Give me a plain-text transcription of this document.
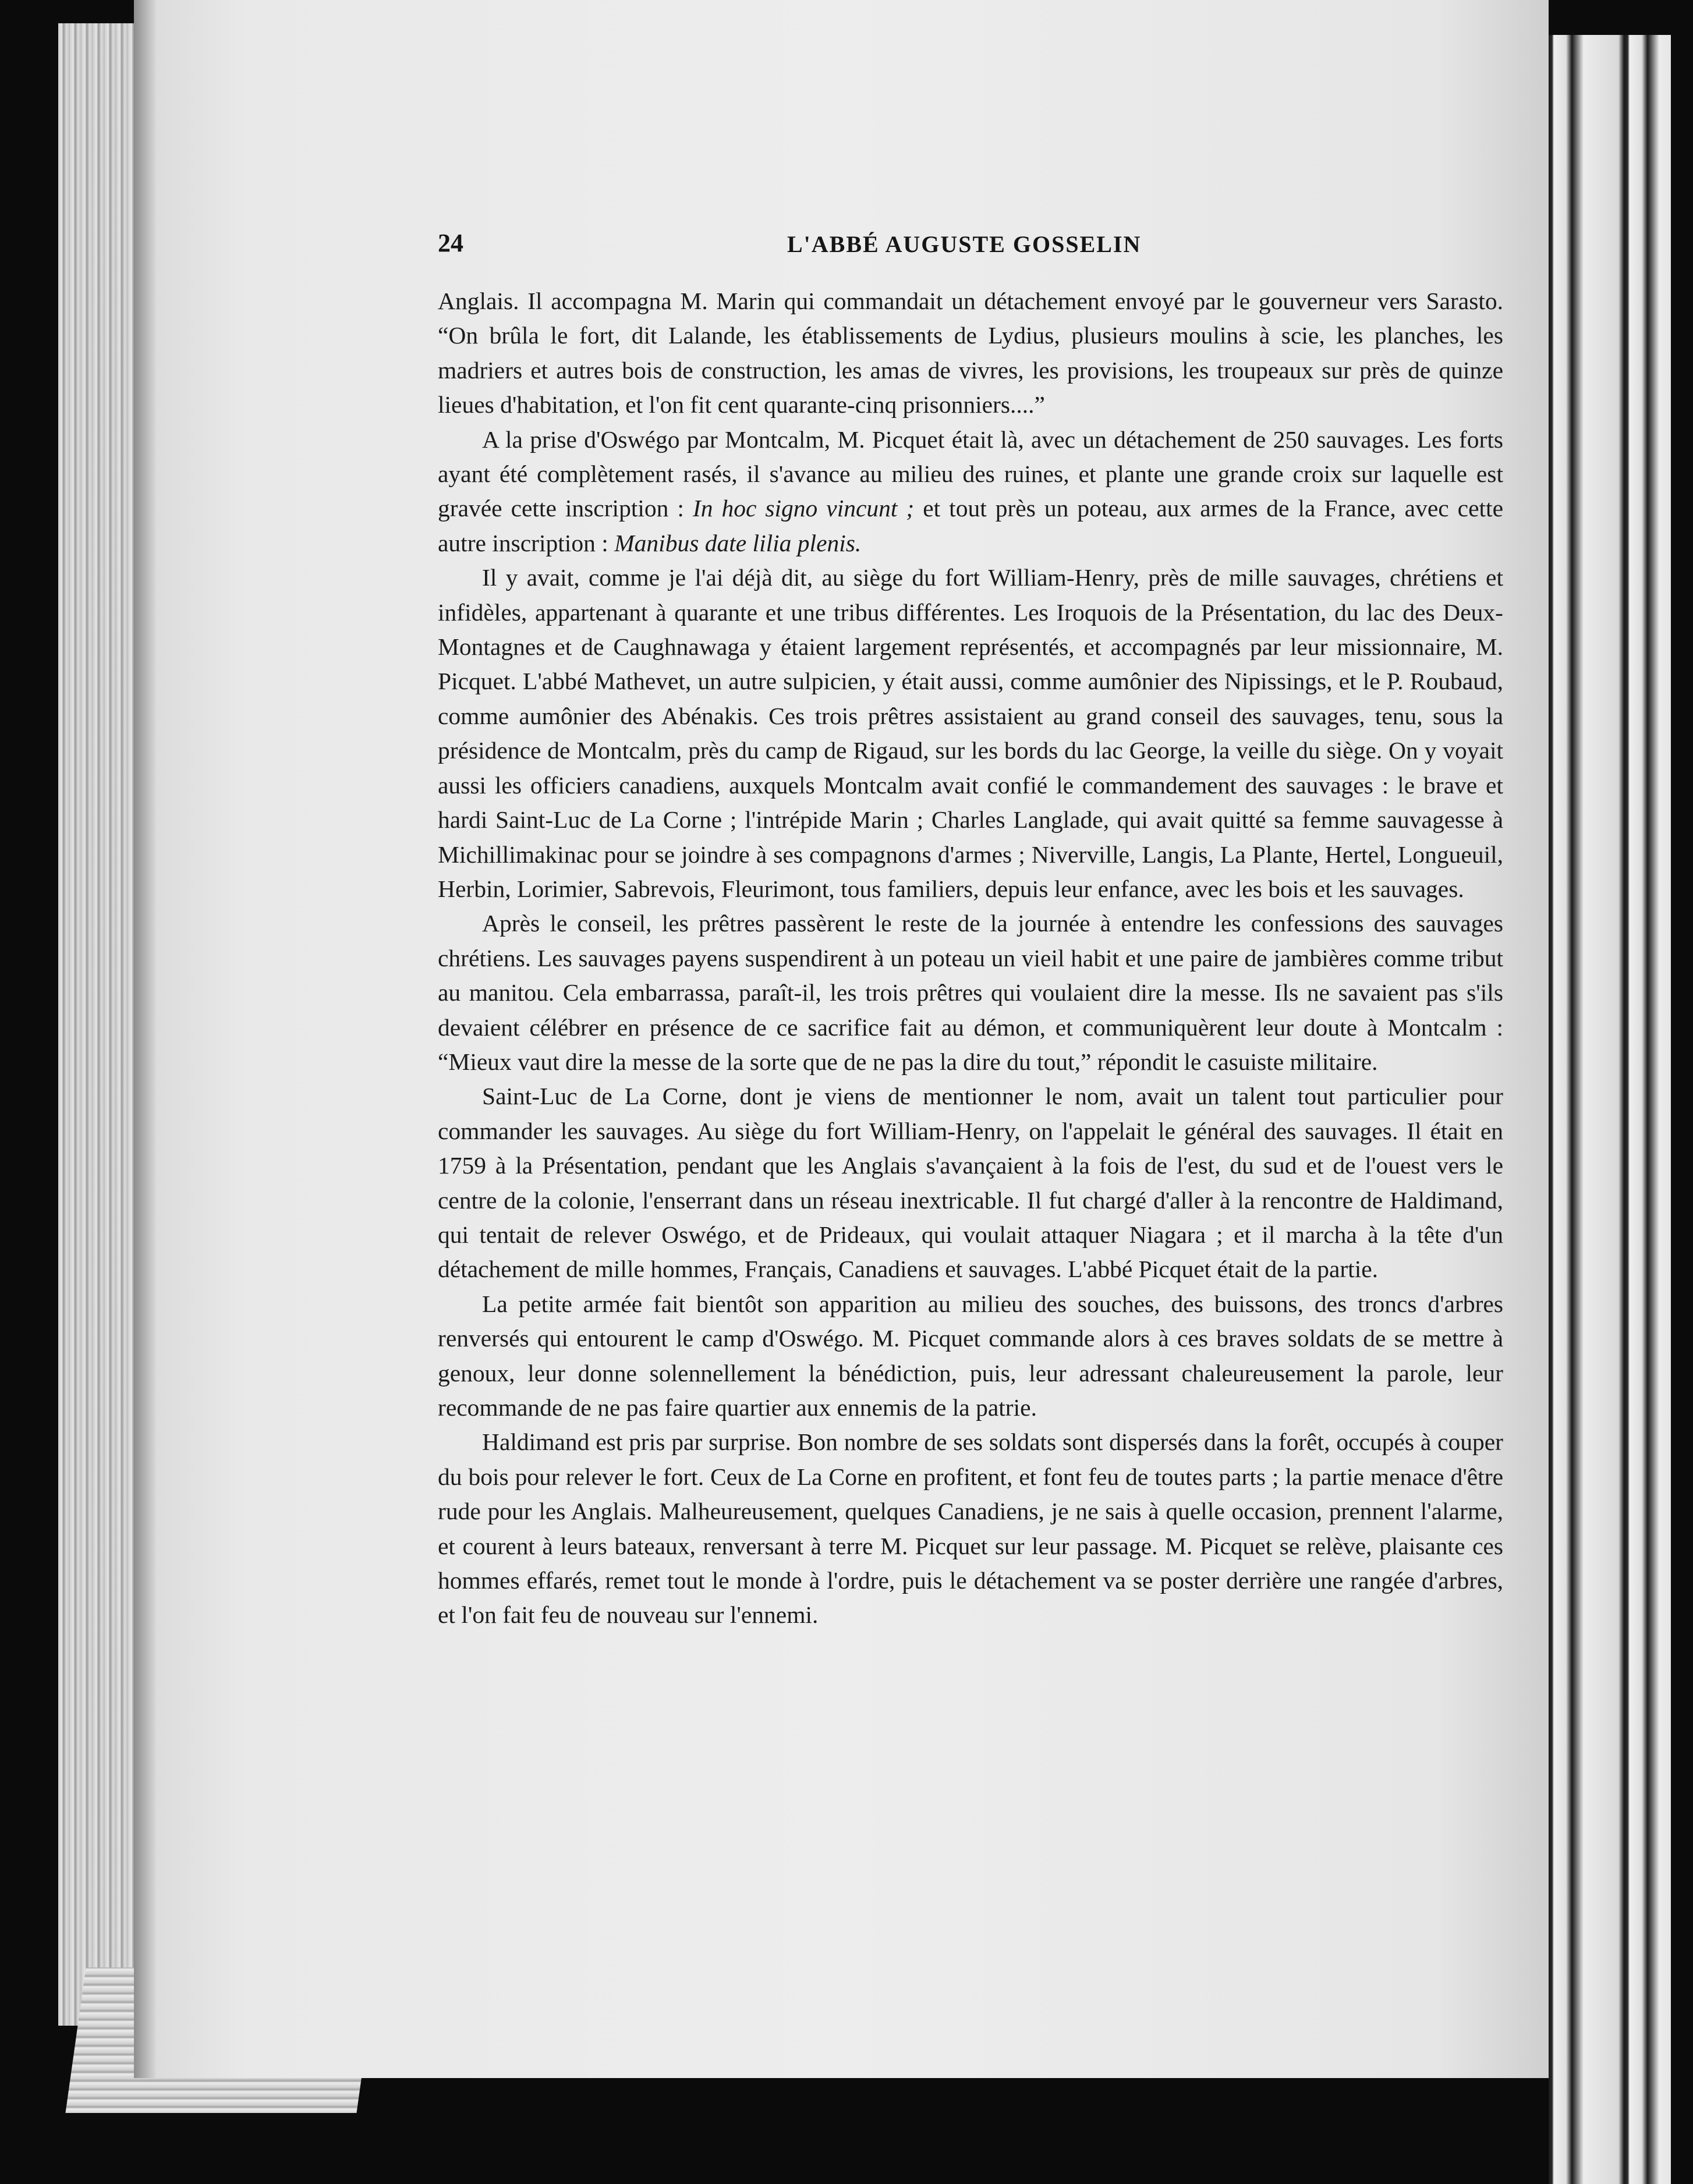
24	L'ABBÉ AUGUSTE GOSSELIN

Anglais. Il accompagna M. Marin qui commandait un détachement envoyé par le gouverneur vers Sarasto. “On brûla le fort, dit Lalande, les établissements de Lydius, plusieurs moulins à scie, les planches, les madriers et autres bois de construction, les amas de vivres, les provisions, les troupeaux sur près de quinze lieues d'habitation, et l'on fit cent quarante-cinq prisonniers....”

A la prise d'Oswégo par Montcalm, M. Picquet était là, avec un détachement de 250 sauvages. Les forts ayant été complètement rasés, il s'avance au milieu des ruines, et plante une grande croix sur laquelle est gravée cette inscription : In hoc signo vincunt ; et tout près un poteau, aux armes de la France, avec cette autre inscription : Manibus date lilia plenis.

Il y avait, comme je l'ai déjà dit, au siège du fort William-Henry, près de mille sauvages, chrétiens et infidèles, appartenant à quarante et une tribus différentes. Les Iroquois de la Présentation, du lac des Deux-Montagnes et de Caughnawaga y étaient largement représentés, et accompagnés par leur missionnaire, M. Picquet. L'abbé Mathevet, un autre sulpicien, y était aussi, comme aumônier des Nipissings, et le P. Roubaud, comme aumônier des Abénakis. Ces trois prêtres assistaient au grand conseil des sauvages, tenu, sous la présidence de Montcalm, près du camp de Rigaud, sur les bords du lac George, la veille du siège. On y voyait aussi les officiers canadiens, auxquels Montcalm avait confié le commandement des sauvages : le brave et hardi Saint-Luc de La Corne ; l'intrépide Marin ; Charles Langlade, qui avait quitté sa femme sauvagesse à Michillimakinac pour se joindre à ses compagnons d'armes ; Niverville, Langis, La Plante, Hertel, Longueuil, Herbin, Lorimier, Sabrevois, Fleurimont, tous familiers, depuis leur enfance, avec les bois et les sauvages.

Après le conseil, les prêtres passèrent le reste de la journée à entendre les confessions des sauvages chrétiens. Les sauvages payens suspendirent à un poteau un vieil habit et une paire de jambières comme tribut au manitou. Cela embarrassa, paraît-il, les trois prêtres qui voulaient dire la messe. Ils ne savaient pas s'ils devaient célébrer en présence de ce sacrifice fait au démon, et communiquèrent leur doute à Montcalm : “Mieux vaut dire la messe de la sorte que de ne pas la dire du tout,” répondit le casuiste militaire.

Saint-Luc de La Corne, dont je viens de mentionner le nom, avait un talent tout particulier pour commander les sauvages. Au siège du fort William-Henry, on l'appelait le général des sauvages. Il était en 1759 à la Présentation, pendant que les Anglais s'avançaient à la fois de l'est, du sud et de l'ouest vers le centre de la colonie, l'enserrant dans un réseau inextricable. Il fut chargé d'aller à la rencontre de Haldimand, qui tentait de relever Oswégo, et de Prideaux, qui voulait attaquer Niagara ; et il marcha à la tête d'un détachement de mille hommes, Français, Canadiens et sauvages. L'abbé Picquet était de la partie.

La petite armée fait bientôt son apparition au milieu des souches, des buissons, des troncs d'arbres renversés qui entourent le camp d'Oswégo. M. Picquet commande alors à ces braves soldats de se mettre à genoux, leur donne solennellement la bénédiction, puis, leur adressant chaleureusement la parole, leur recommande de ne pas faire quartier aux ennemis de la patrie.

Haldimand est pris par surprise. Bon nombre de ses soldats sont dispersés dans la forêt, occupés à couper du bois pour relever le fort. Ceux de La Corne en profitent, et font feu de toutes parts ; la partie menace d'être rude pour les Anglais. Malheureusement, quelques Canadiens, je ne sais à quelle occasion, prennent l'alarme, et courent à leurs bateaux, renversant à terre M. Picquet sur leur passage. M. Picquet se relève, plaisante ces hommes effarés, remet tout le monde à l'ordre, puis le détachement va se poster derrière une rangée d'arbres, et l'on fait feu de nouveau sur l'ennemi.
